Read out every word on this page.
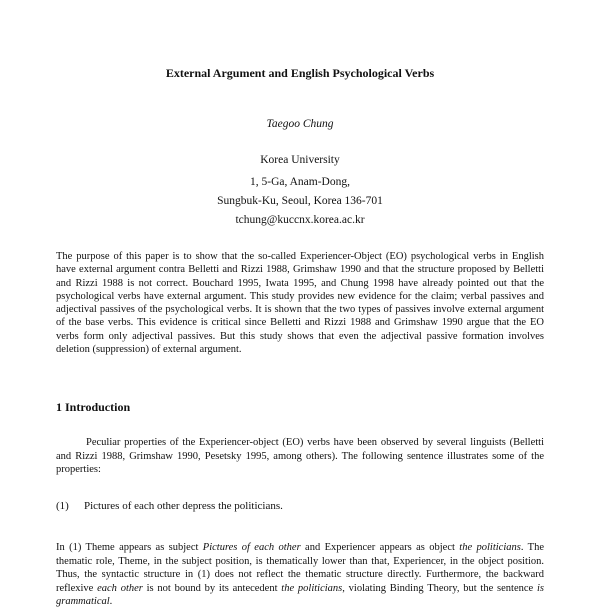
External Argument and English Psychological Verbs
Taegoo Chung
Korea University
1, 5-Ga, Anam-Dong,
Sungbuk-Ku, Seoul, Korea 136-701
tchung@kuccnx.korea.ac.kr
The purpose of this paper is to show that the so-called Experiencer-Object (EO) psychological verbs in English have external argument contra Belletti and Rizzi 1988, Grimshaw 1990 and that the structure proposed by Belletti and Rizzi 1988 is not correct. Bouchard 1995, Iwata 1995, and Chung 1998 have already pointed out that the psychological verbs have external argument. This study provides new evidence for the claim; verbal passives and adjectival passives of the psychological verbs. It is shown that the two types of passives involve external argument of the base verbs. This evidence is critical since Belletti and Rizzi 1988 and Grimshaw 1990 argue that the EO verbs form only adjectival passives. But this study shows that even the adjectival passive formation involves deletion (suppression) of external argument.
1 Introduction
Peculiar properties of the Experiencer-object (EO) verbs have been observed by several linguists (Belletti and Rizzi 1988, Grimshaw 1990, Pesetsky 1995, among others). The following sentence illustrates some of the properties:
(1) Pictures of each other depress the politicians.
In (1) Theme appears as subject Pictures of each other and Experiencer appears as object the politicians. The thematic role, Theme, in the subject position, is thematically lower than that, Experiencer, in the object position. Thus, the syntactic structure in (1) does not reflect the thematic structure directly. Furthermore, the backward reflexive each other is not bound by its antecedent the politicians, violating Binding Theory, but the sentence is grammatical.
